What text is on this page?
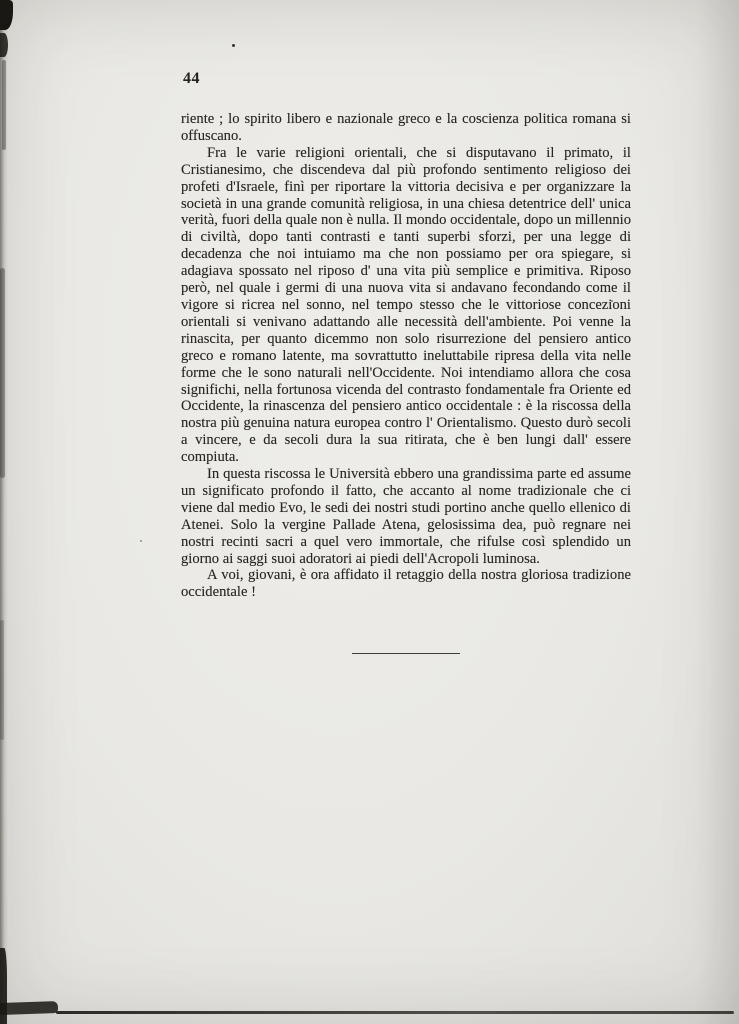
44

riente ; lo spirito libero e nazionale greco e la coscienza politica romana si offuscano.

Fra le varie religioni orientali, che si disputavano il primato, il Cristianesimo, che discendeva dal più profondo sentimento religioso dei profeti d'Israele, finì per riportare la vittoria decisiva e per organizzare la società in una grande comunità religiosa, in una chiesa detentrice dell' unica verità, fuori della quale non è nulla. Il mondo occidentale, dopo un millennio di civiltà, dopo tanti contrasti e tanti superbi sforzi, per una legge di decadenza che noi intuiamo ma che non possiamo per ora spiegare, si adagiava spossato nel riposo d' una vita più semplice e primitiva. Riposo però, nel quale i germi di una nuova vita si andavano fecondando come il vigore si ricrea nel sonno, nel tempo stesso che le vittoriose concezioni orientali si venivano adattando alle necessità dell'ambiente. Poi venne la rinascita, per quanto dicemmo non solo risurrezione del pensiero antico greco e romano latente, ma sovrattutto ineluttabile ripresa della vita nelle forme che le sono naturali nell'Occidente. Noi intendiamo allora che cosa significhi, nella fortunosa vicenda del contrasto fondamentale fra Oriente ed Occidente, la rinascenza del pensiero antico occidentale : è la riscossa della nostra più genuina natura europea contro l' Orientalismo. Questo durò secoli a vincere, e da secoli dura la sua ritirata, che è ben lungi dall' essere compiuta.

In questa riscossa le Università ebbero una grandissima parte ed assume un significato profondo il fatto, che accanto al nome tradizionale che ci viene dal medio Evo, le sedi dei nostri studi portino anche quello ellenico di Atenei. Solo la vergine Pallade Atena, gelosissima dea, può regnare nei nostri recinti sacri a quel vero immortale, che rifulse così splendido un giorno ai saggi suoi adoratori ai piedi dell'Acropoli luminosa.

A voi, giovani, è ora affidato il retaggio della nostra gloriosa tradizione occidentale !
